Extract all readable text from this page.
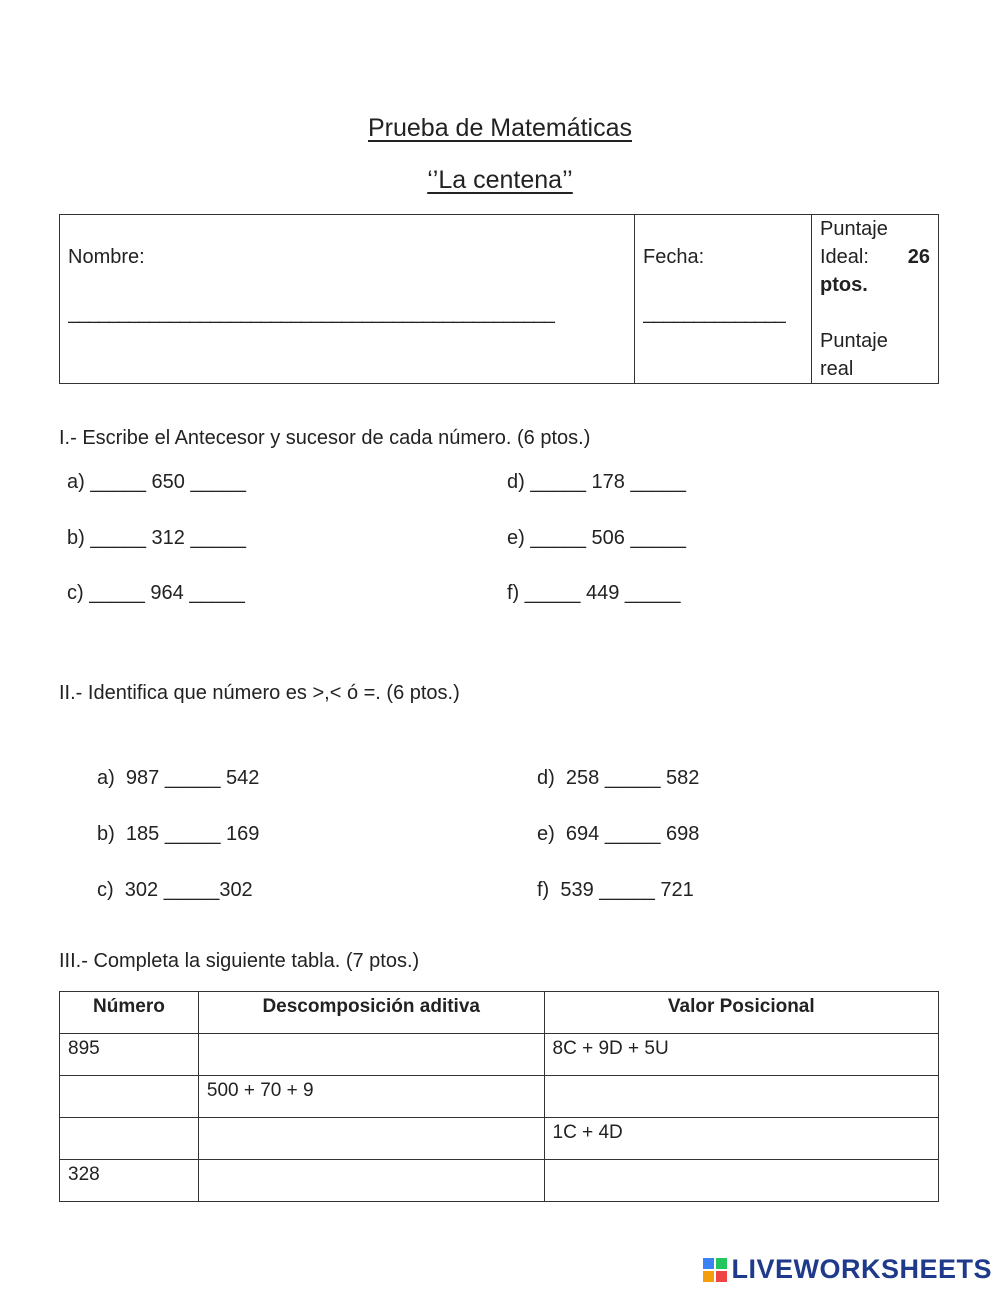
Prueba de Matemáticas
‘’La centena’’
Nombre:
________________________________________________

Fecha:
______________

Puntaje
Ideal: 26
ptos.
Puntaje
real
I.- Escribe el Antecesor y sucesor de cada número. (6 ptos.)
a) _____ 650 _____
b) _____ 312 _____
c) _____ 964 _____
d) _____ 178 _____
e) _____ 506 _____
f) _____ 449 _____
II.- Identifica que número es >,< ó =. (6 ptos.)
a)  987 _____ 542
b)  185 _____ 169
c)  302 _____302
d)  258 _____ 582
e)  694 _____ 698
f)  539 _____ 721
III.- Completa la siguiente tabla. (7 ptos.)
Número	Descomposición aditiva	Valor Posicional
895		8C + 9D + 5U
	500 + 70 + 9	
		1C + 4D
328		
LIVEWORKSHEETS
